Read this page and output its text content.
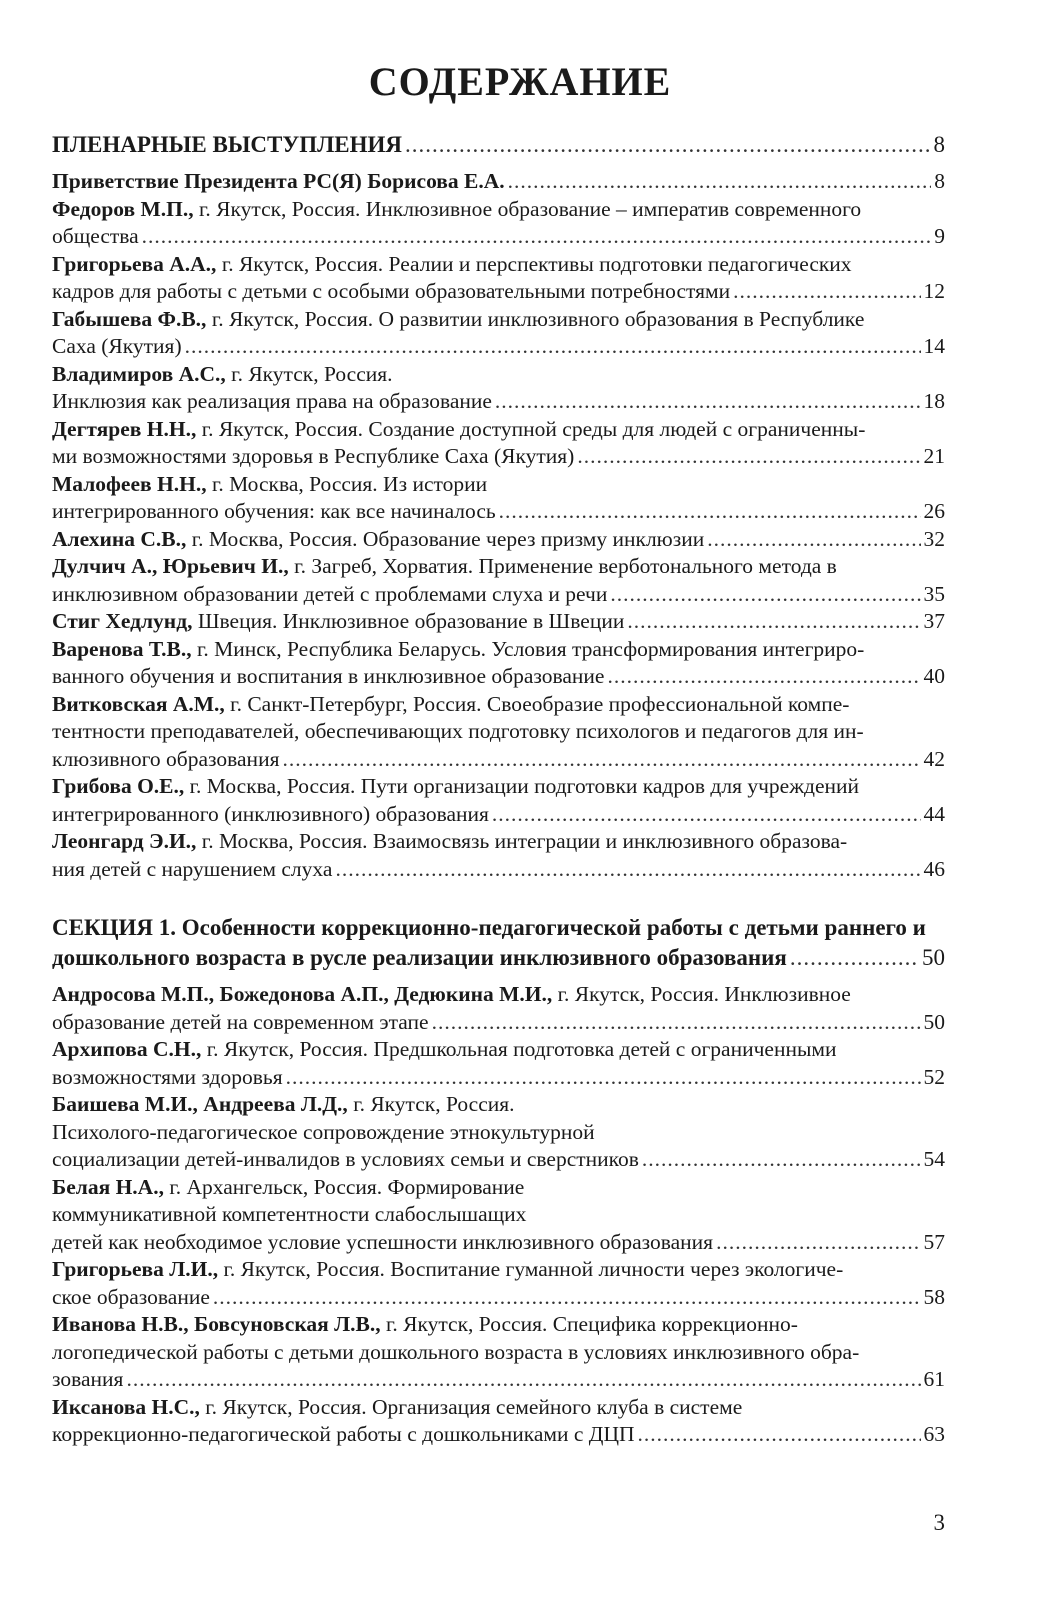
СОДЕРЖАНИЕ
ПЛЕНАРНЫЕ ВЫСТУПЛЕНИЯ .....	8
Приветствие Президента РС(Я) Борисова Е.А. .....	8
Федоров М.П., г. Якутск, Россия. Инклюзивное образование – императив современного
общества .....	9
Григорьева А.А., г. Якутск, Россия. Реалии и перспективы подготовки педагогических
кадров для работы с детьми с особыми образовательными потребностями .....	12
Габышева Ф.В., г. Якутск, Россия. О развитии инклюзивного образования в Республике
Саха (Якутия) .....	14
Владимиров А.С., г. Якутск, Россия.
Инклюзия как реализация права на образование .....	18
Дегтярев Н.Н., г. Якутск, Россия. Создание доступной среды для людей с ограниченны-
ми возможностями здоровья в Республике Саха (Якутия) .....	21
Малофеев Н.Н., г. Москва, Россия. Из истории
интегрированного обучения: как все начиналось .....	26
Алехина С.В., г. Москва, Россия. Образование через призму инклюзии .....	32
Дулчич А., Юрьевич И., г. Загреб, Хорватия. Применение верботонального метода в
инклюзивном образовании детей с проблемами слуха и речи .....	35
Стиг Хедлунд, Швеция. Инклюзивное образование в Швеции .....	37
Варенова Т.В., г. Минск, Республика Беларусь. Условия трансформирования интегриро-
ванного обучения и воспитания в инклюзивное образование .....	40
Витковская А.М., г. Санкт-Петербург, Россия. Своеобразие профессиональной компе-
тентности преподавателей, обеспечивающих подготовку психологов и педагогов для ин-
клюзивного образования .....	42
Грибова О.Е., г. Москва, Россия. Пути организации подготовки кадров для учреждений
интегрированного (инклюзивного) образования .....	44
Леонгард Э.И., г. Москва, Россия. Взаимосвязь интеграции и инклюзивного образова-
ния детей с нарушением слуха .....	46
СЕКЦИЯ 1. Особенности коррекционно-педагогической работы с детьми раннего и
дошкольного возраста в русле реализации инклюзивного образования .....	50
Андросова М.П., Божедонова А.П., Дедюкина М.И., г. Якутск, Россия. Инклюзивное
образование детей на современном этапе .....	50
Архипова С.Н., г. Якутск, Россия. Предшкольная подготовка детей с ограниченными
возможностями здоровья .....	52
Баишева М.И., Андреева Л.Д., г. Якутск, Россия.
Психолого-педагогическое сопровождение этнокультурной
социализации детей-инвалидов в условиях семьи и сверстников .....	54
Белая Н.А., г. Архангельск, Россия. Формирование
коммуникативной компетентности слабослышащих
детей как необходимое условие успешности инклюзивного образования .....	57
Григорьева Л.И., г. Якутск, Россия. Воспитание гуманной личности через экологиче-
ское образование .....	58
Иванова Н.В., Бовсуновская Л.В., г. Якутск, Россия. Специфика коррекционно-
логопедической работы с детьми дошкольного возраста в условиях инклюзивного обра-
зования .....	61
Иксанова Н.С., г. Якутск, Россия. Организация семейного клуба в системе
коррекционно-педагогической работы с дошкольниками с ДЦП .....	63
3
